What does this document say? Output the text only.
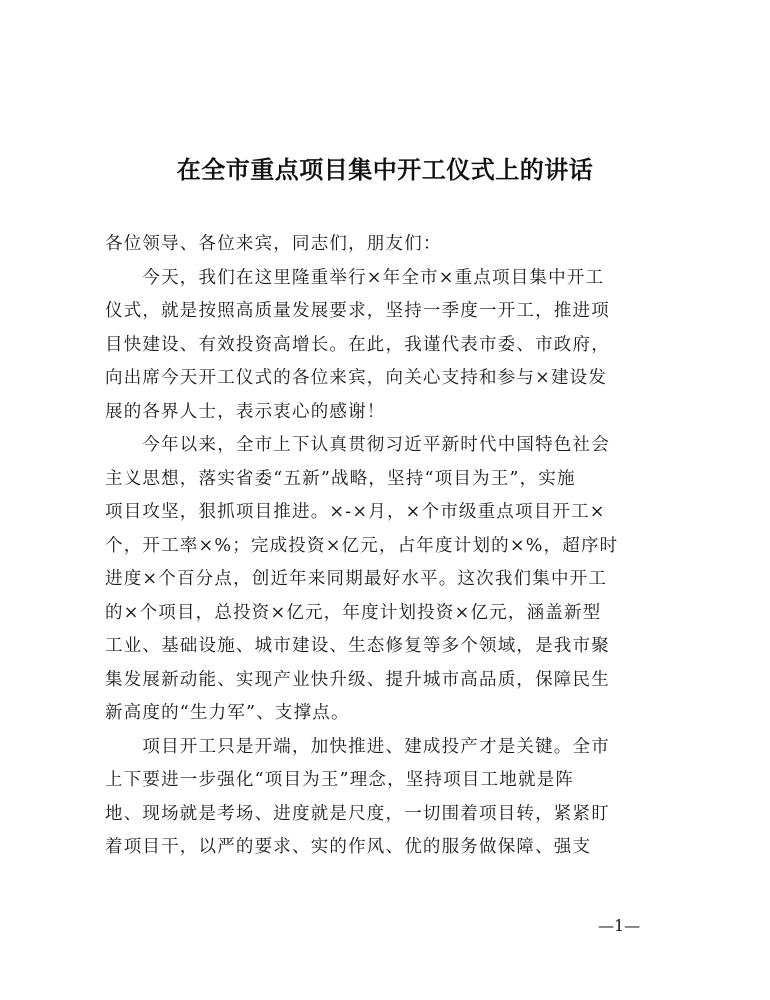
在全市重点项目集中开工仪式上的讲话
各位领导、各位来宾，同志们，朋友们：
　　今天，我们在这里隆重举行×年全市×重点项目集中开工
仪式，就是按照高质量发展要求，坚持一季度一开工，推进项
目快建设、有效投资高增长。在此，我谨代表市委、市政府，
向出席今天开工仪式的各位来宾，向关心支持和参与×建设发
展的各界人士，表示衷心的感谢！
　　今年以来，全市上下认真贯彻习近平新时代中国特色社会
主义思想，落实省委“五新”战略，坚持“项目为王”，实施
项目攻坚，狠抓项目推进。×-×月，×个市级重点项目开工×
个，开工率×%；完成投资×亿元，占年度计划的×%，超序时
进度×个百分点，创近年来同期最好水平。这次我们集中开工
的×个项目，总投资×亿元，年度计划投资×亿元，涵盖新型
工业、基础设施、城市建设、生态修复等多个领域，是我市聚
集发展新动能、实现产业快升级、提升城市高品质，保障民生
新高度的“生力军”、支撑点。
　　项目开工只是开端，加快推进、建成投产才是关键。全市
上下要进一步强化“项目为王”理念，坚持项目工地就是阵
地、现场就是考场、进度就是尺度，一切围着项目转，紧紧盯
着项目干，以严的要求、实的作风、优的服务做保障、强支
—1—
